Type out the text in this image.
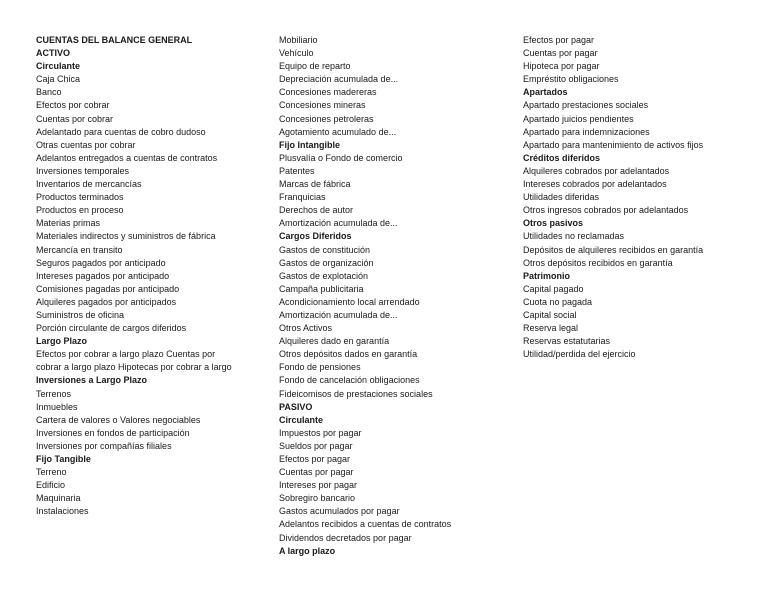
CUENTAS DEL BALANCE GENERAL
ACTIVO
Circulante
Caja Chica
Banco
Efectos por cobrar
Cuentas por cobrar
Adelantado para cuentas de cobro dudoso
Otras cuentas por cobrar
Adelantos entregados a cuentas de contratos
Inversiones temporales
Inventarios de mercancías
Productos terminados
Productos en proceso
Materias primas
Materiales indirectos y suministros de fábrica
Mercancía en transito
Seguros pagados por anticipado
Intereses pagados por anticipado
Comisiones pagadas por anticipado
Alquileres pagados por anticipados
Suministros de oficina
Porción circulante de cargos diferidos
Largo Plazo
Efectos por cobrar a largo plazo Cuentas por cobrar a largo plazo Hipotecas por cobrar a largo
Inversiones a Largo Plazo
Terrenos
Inmuebles
Cartera de valores o Valores negociables
Inversiones en fondos de participación
Inversiones por compañías filiales
Fijo Tangible
Terreno
Edificio
Maquinaria
Instalaciones
Mobiliario
Vehículo
Equipo de reparto
Depreciación acumulada de...
Concesiones madereras
Concesiones mineras
Concesiones petroleras
Agotamiento acumulado de...
Fijo Intangible
Plusvalía o Fondo de comercio
Patentes
Marcas de fábrica
Franquicias
Derechos de autor
Amortización acumulada de...
Cargos Diferidos
Gastos de constitución
Gastos de organización
Gastos de explotación
Campaña publicitaria
Acondicionamiento local arrendado
Amortización acumulada de...
Otros Activos
Alquileres dado en garantía
Otros depósitos dados en garantía
Fondo de pensiones
Fondo de cancelación obligaciones
Fideicomisos de prestaciones sociales
PASIVO
Circulante
Impuestos por pagar
Sueldos por pagar
Efectos por pagar
Cuentas por pagar
Intereses por pagar
Sobregiro bancario
Gastos acumulados por pagar
Adelantos recibidos a cuentas de contratos
Dividendos decretados por pagar
A largo plazo
Efectos por pagar
Cuentas por pagar
Hipoteca por pagar
Empréstito obligaciones
Apartados
Apartado prestaciones sociales
Apartado juicios pendientes
Apartado para indemnizaciones
Apartado para mantenimiento de activos fijos
Créditos diferidos
Alquileres cobrados por adelantados
Intereses cobrados por adelantados
Utilidades diferidas
Otros ingresos cobrados por adelantados
Otros pasivos
Utilidades no reclamadas
Depósitos de alquileres recibidos en garantía
Otros depósitos recibidos en garantía
Patrimonio
Capital pagado
Cuota no pagada
Capital social
Reserva legal
Reservas estatutarias
Utilidad/perdida del ejercicio
